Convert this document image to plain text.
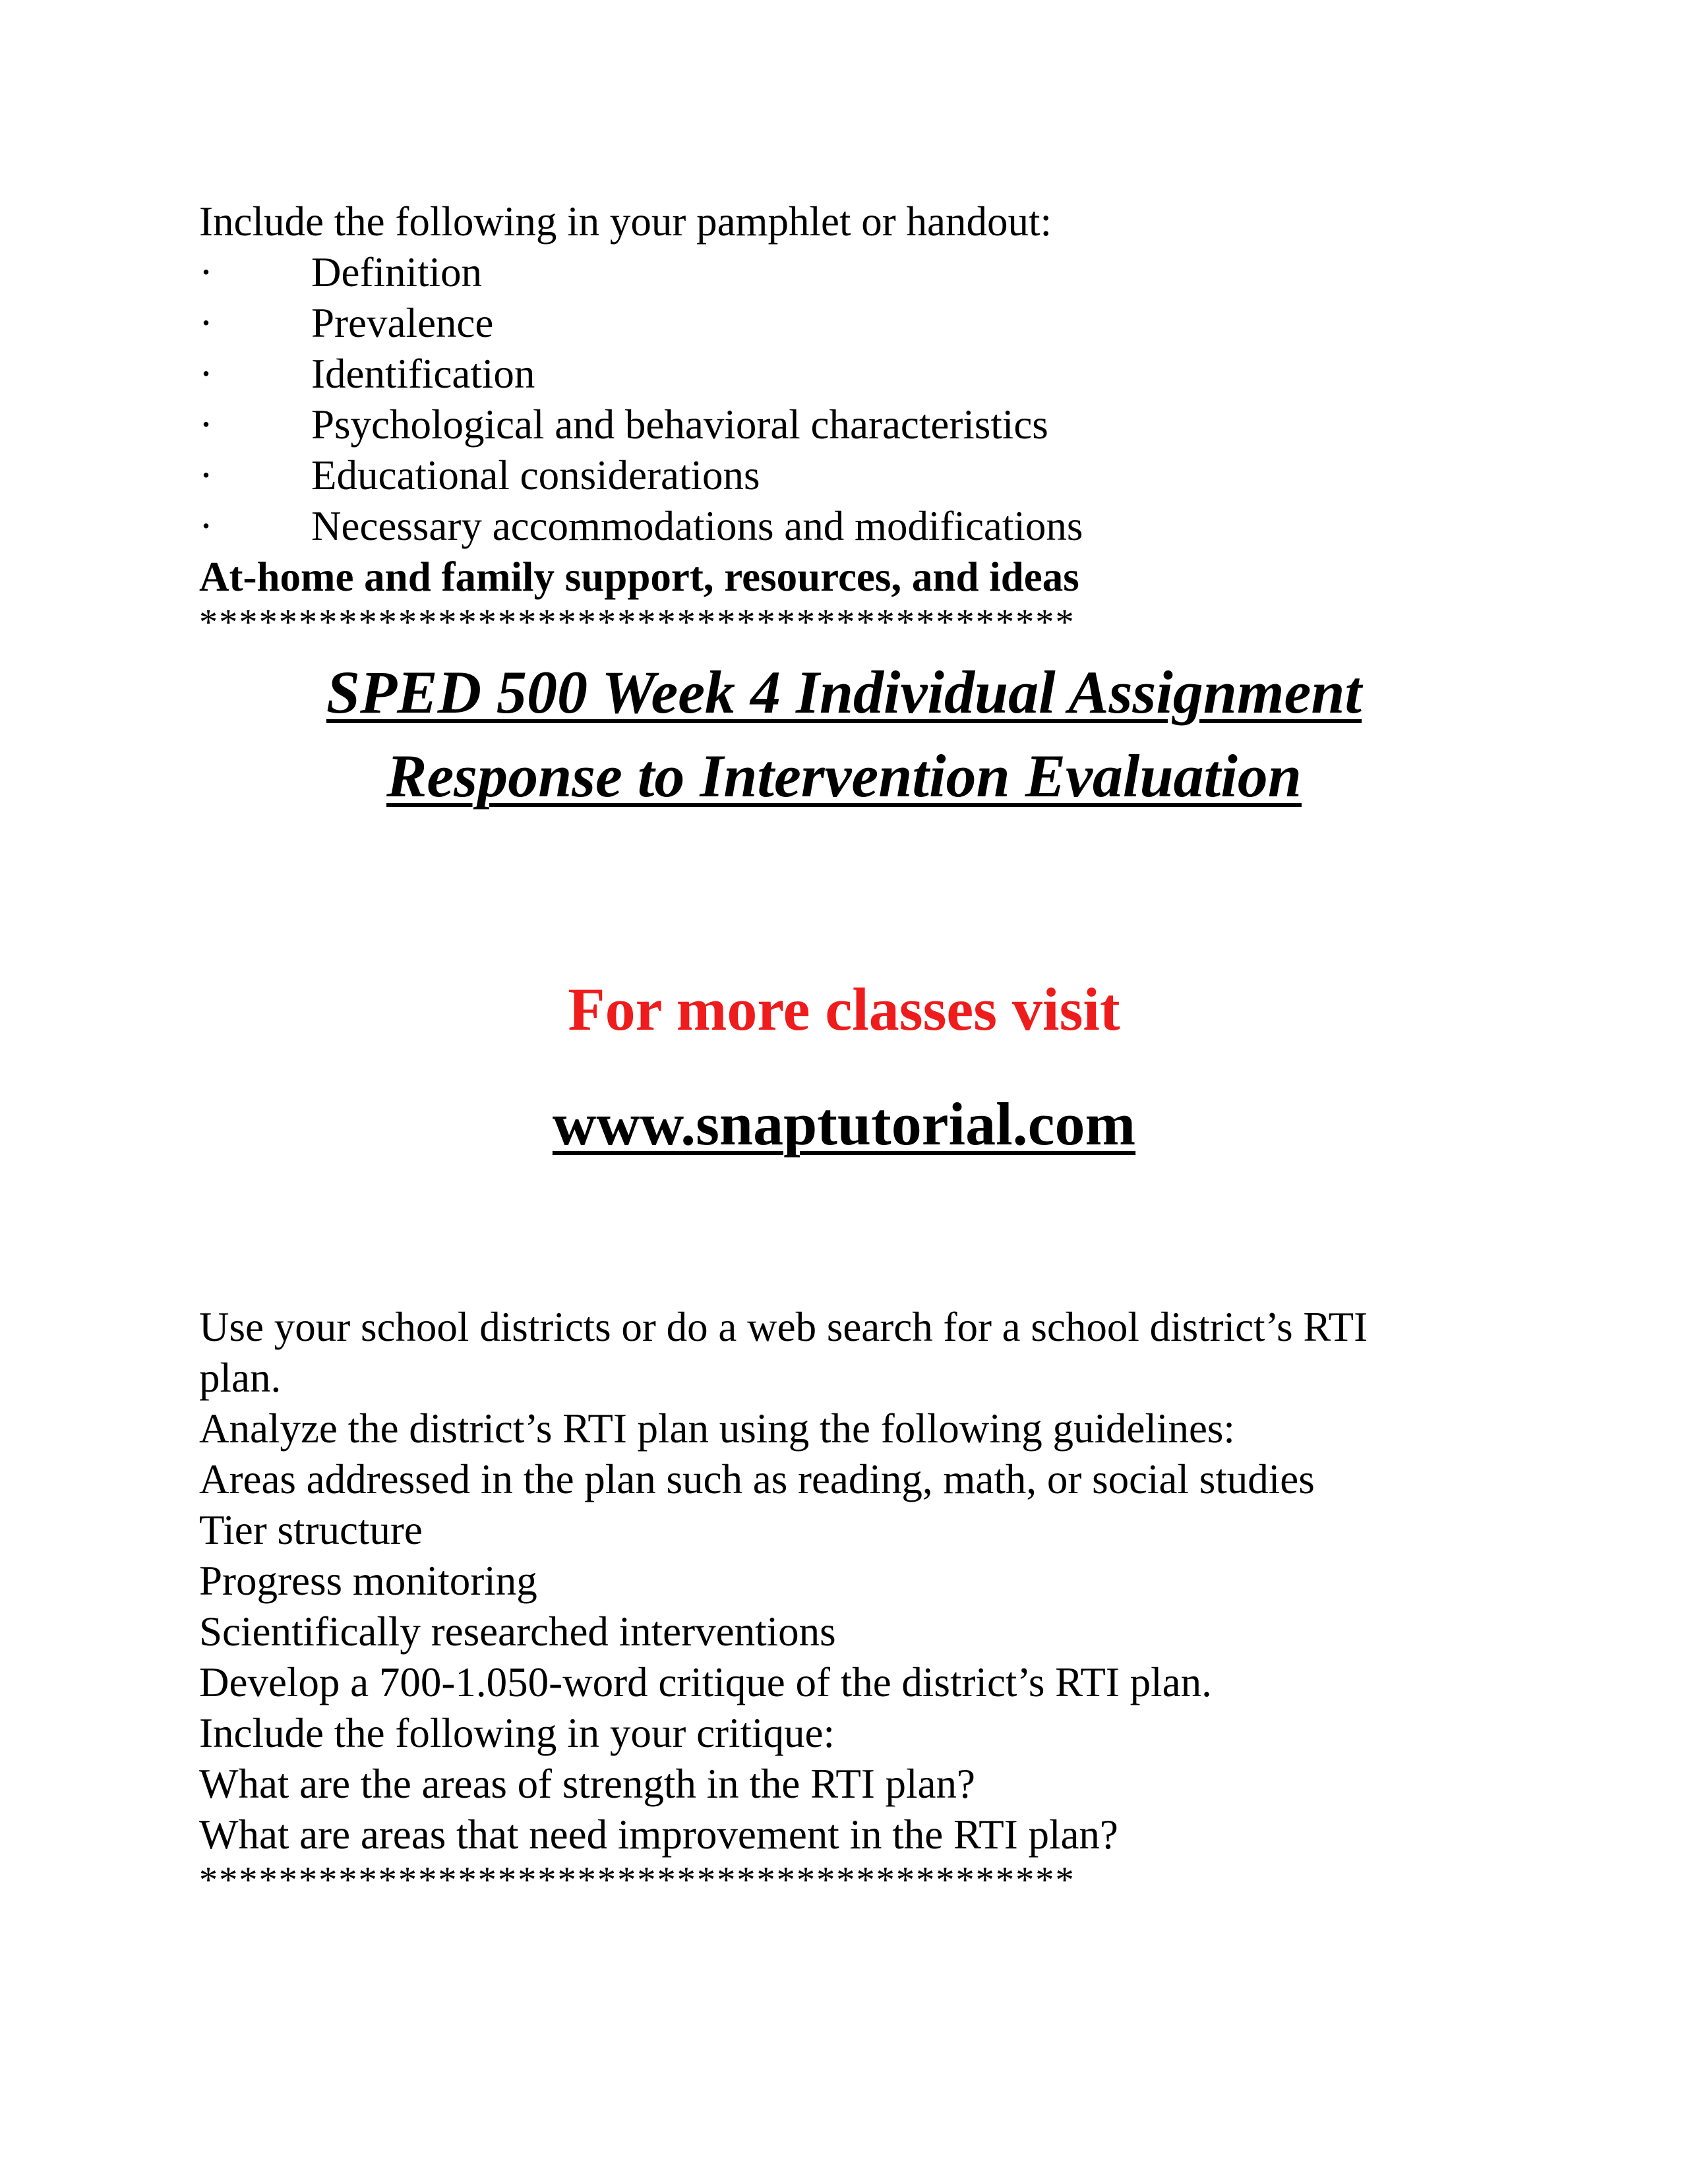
Include the following in your pamphlet or handout:
·	Definition
·	Prevalence
·	Identification
·	Psychological and behavioral characteristics
·	Educational considerations
·	Necessary accommodations and modifications
At-home and family support, resources, and ideas
********************************************
SPED 500 Week 4 Individual Assignment
Response to Intervention Evaluation
For more classes visit
www.snaptutorial.com
Use your school districts or do a web search for a school district’s RTI
plan.
Analyze the district’s RTI plan using the following guidelines:
Areas addressed in the plan such as reading, math, or social studies
Tier structure
Progress monitoring
Scientifically researched interventions
Develop a 700-1.050-word critique of the district’s RTI plan.
Include the following in your critique:
What are the areas of strength in the RTI plan?
What are areas that need improvement in the RTI plan?
********************************************
